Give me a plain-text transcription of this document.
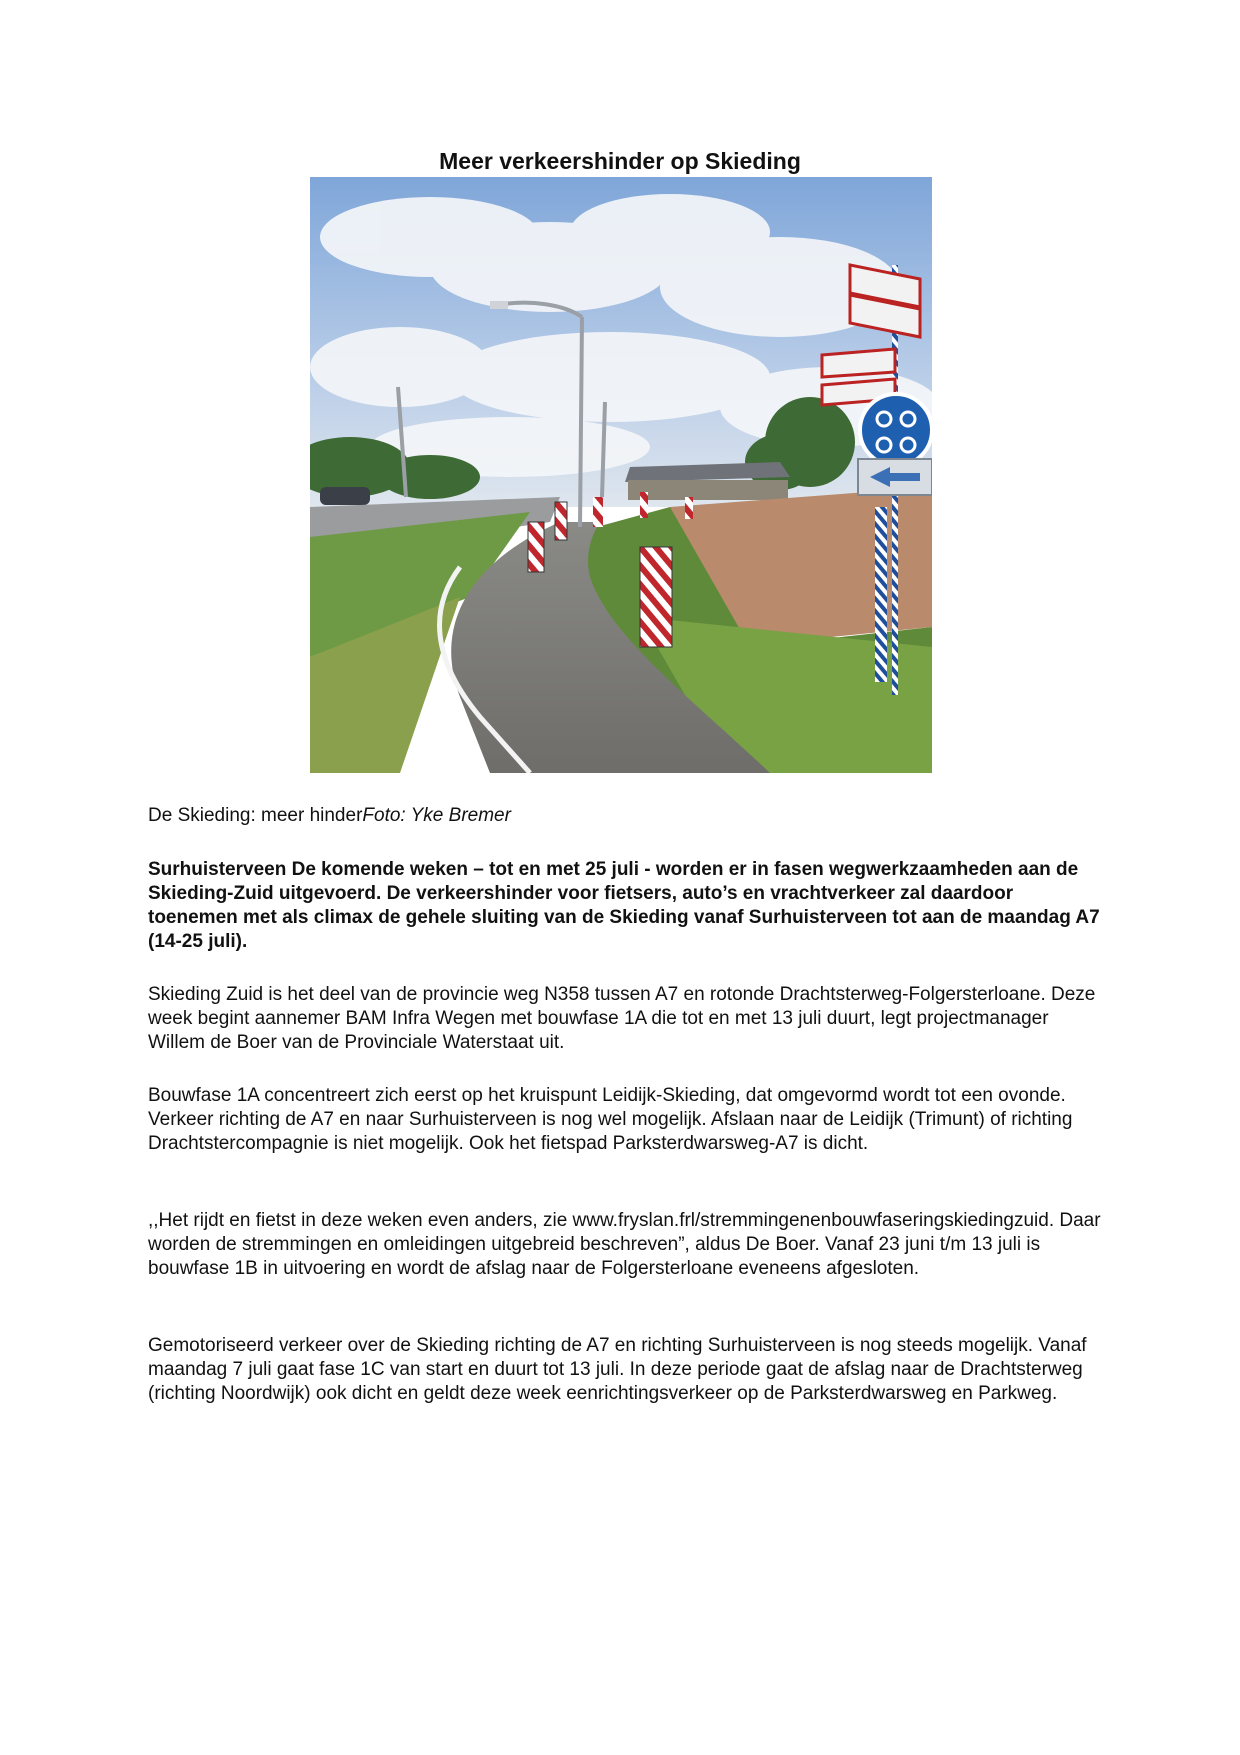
Meer verkeershinder op Skieding

De Skieding: meer hinderFoto: Yke Bremer

Surhuisterveen De komende weken – tot en met 25 juli - worden er in fasen wegwerkzaamheden aan de Skieding-Zuid uitgevoerd. De verkeershinder voor fietsers, auto’s en vrachtverkeer zal daardoor toenemen met als climax de gehele sluiting van de Skieding vanaf Surhuisterveen tot aan de maandag A7 (14-25 juli).

Skieding Zuid is het deel van de provincie weg N358 tussen A7 en rotonde Drachtsterweg-Folgersterloane. Deze week begint aannemer BAM Infra Wegen met bouwfase 1A die tot en met 13 juli duurt, legt projectmanager Willem de Boer van de Provinciale Waterstaat uit.

Bouwfase 1A concentreert zich eerst op het kruispunt Leidijk-Skieding, dat omgevormd wordt tot een ovonde. Verkeer richting de A7 en naar Surhuisterveen is nog wel mogelijk. Afslaan naar de Leidijk (Trimunt) of richting Drachtstercompagnie is niet mogelijk. Ook het fietspad Parksterdwarsweg-A7 is dicht.

,,Het rijdt en fietst in deze weken even anders, zie www.fryslan.frl/stremmingenenbouwfaseringskiedingzuid. Daar worden de stremmingen en omleidingen uitgebreid beschreven”, aldus De Boer. Vanaf 23 juni t/m 13 juli is bouwfase 1B in uitvoering en wordt de afslag naar de Folgersterloane eveneens afgesloten.

Gemotoriseerd verkeer over de Skieding richting de A7 en richting Surhuisterveen is nog steeds mogelijk. Vanaf maandag 7 juli gaat fase 1C van start en duurt tot 13 juli. In deze periode gaat de afslag naar de Drachtsterweg (richting Noordwijk) ook dicht en geldt deze week eenrichtingsverkeer op de Parksterdwarsweg en Parkweg.
